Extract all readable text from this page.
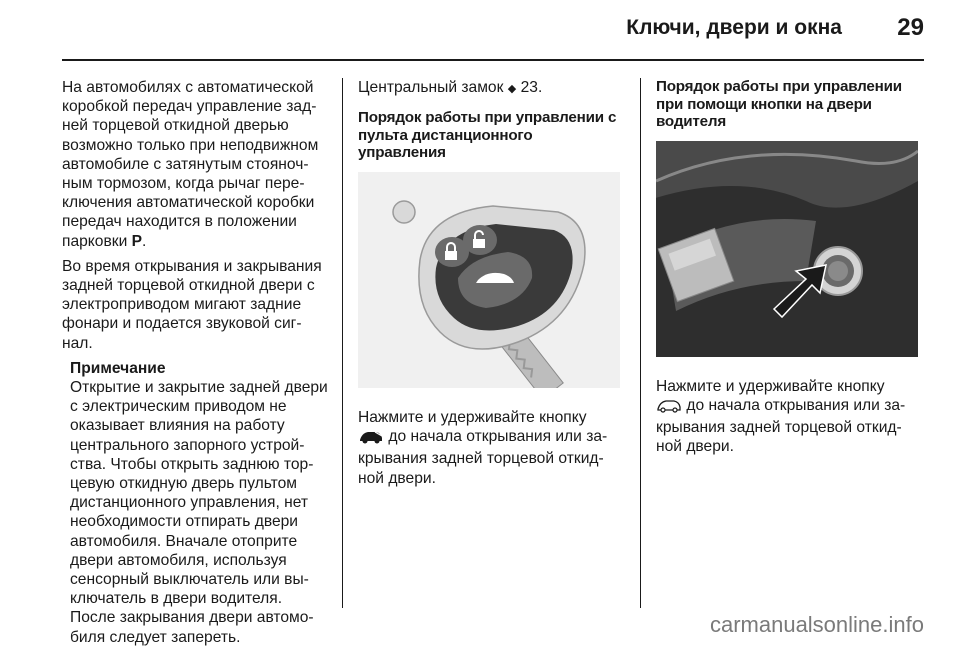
Ключи, двери и окна 29

На автомобилях с автоматической коробкой передач управление зад-ней торцевой откидной дверью возможно только при неподвижном автомобиле с затянутым стояноч-ным тормозом, когда рычаг пере-ключения автоматической коробки передач находится в положении парковки P.

Во время открывания и закрывания задней торцевой откидной двери с электроприводом мигают задние фонари и подается звуковой сиг-нал.

Примечание
Открытие и закрытие задней двери с электрическим приводом не оказывает влияния на работу центрального запорного устрой-ства. Чтобы открыть заднюю тор-цевую откидную дверь пультом дистанционного управления, нет необходимости отпирать двери автомобиля. Вначале отоприте двери автомобиля, используя сенсорный выключатель или вы-ключатель в двери водителя. После закрывания двери автомо-биля следует запереть.

Центральный замок ◆ 23.

Порядок работы при управлении с пульта дистанционного управления

Нажмите и удерживайте кнопку
до начала открывания или за-крывания задней торцевой откид-ной двери.

Порядок работы при управлении при помощи кнопки на двери водителя

Нажмите и удерживайте кнопку
до начала открывания или за-крывания задней торцевой откид-ной двери.

carmanualsonline.info
